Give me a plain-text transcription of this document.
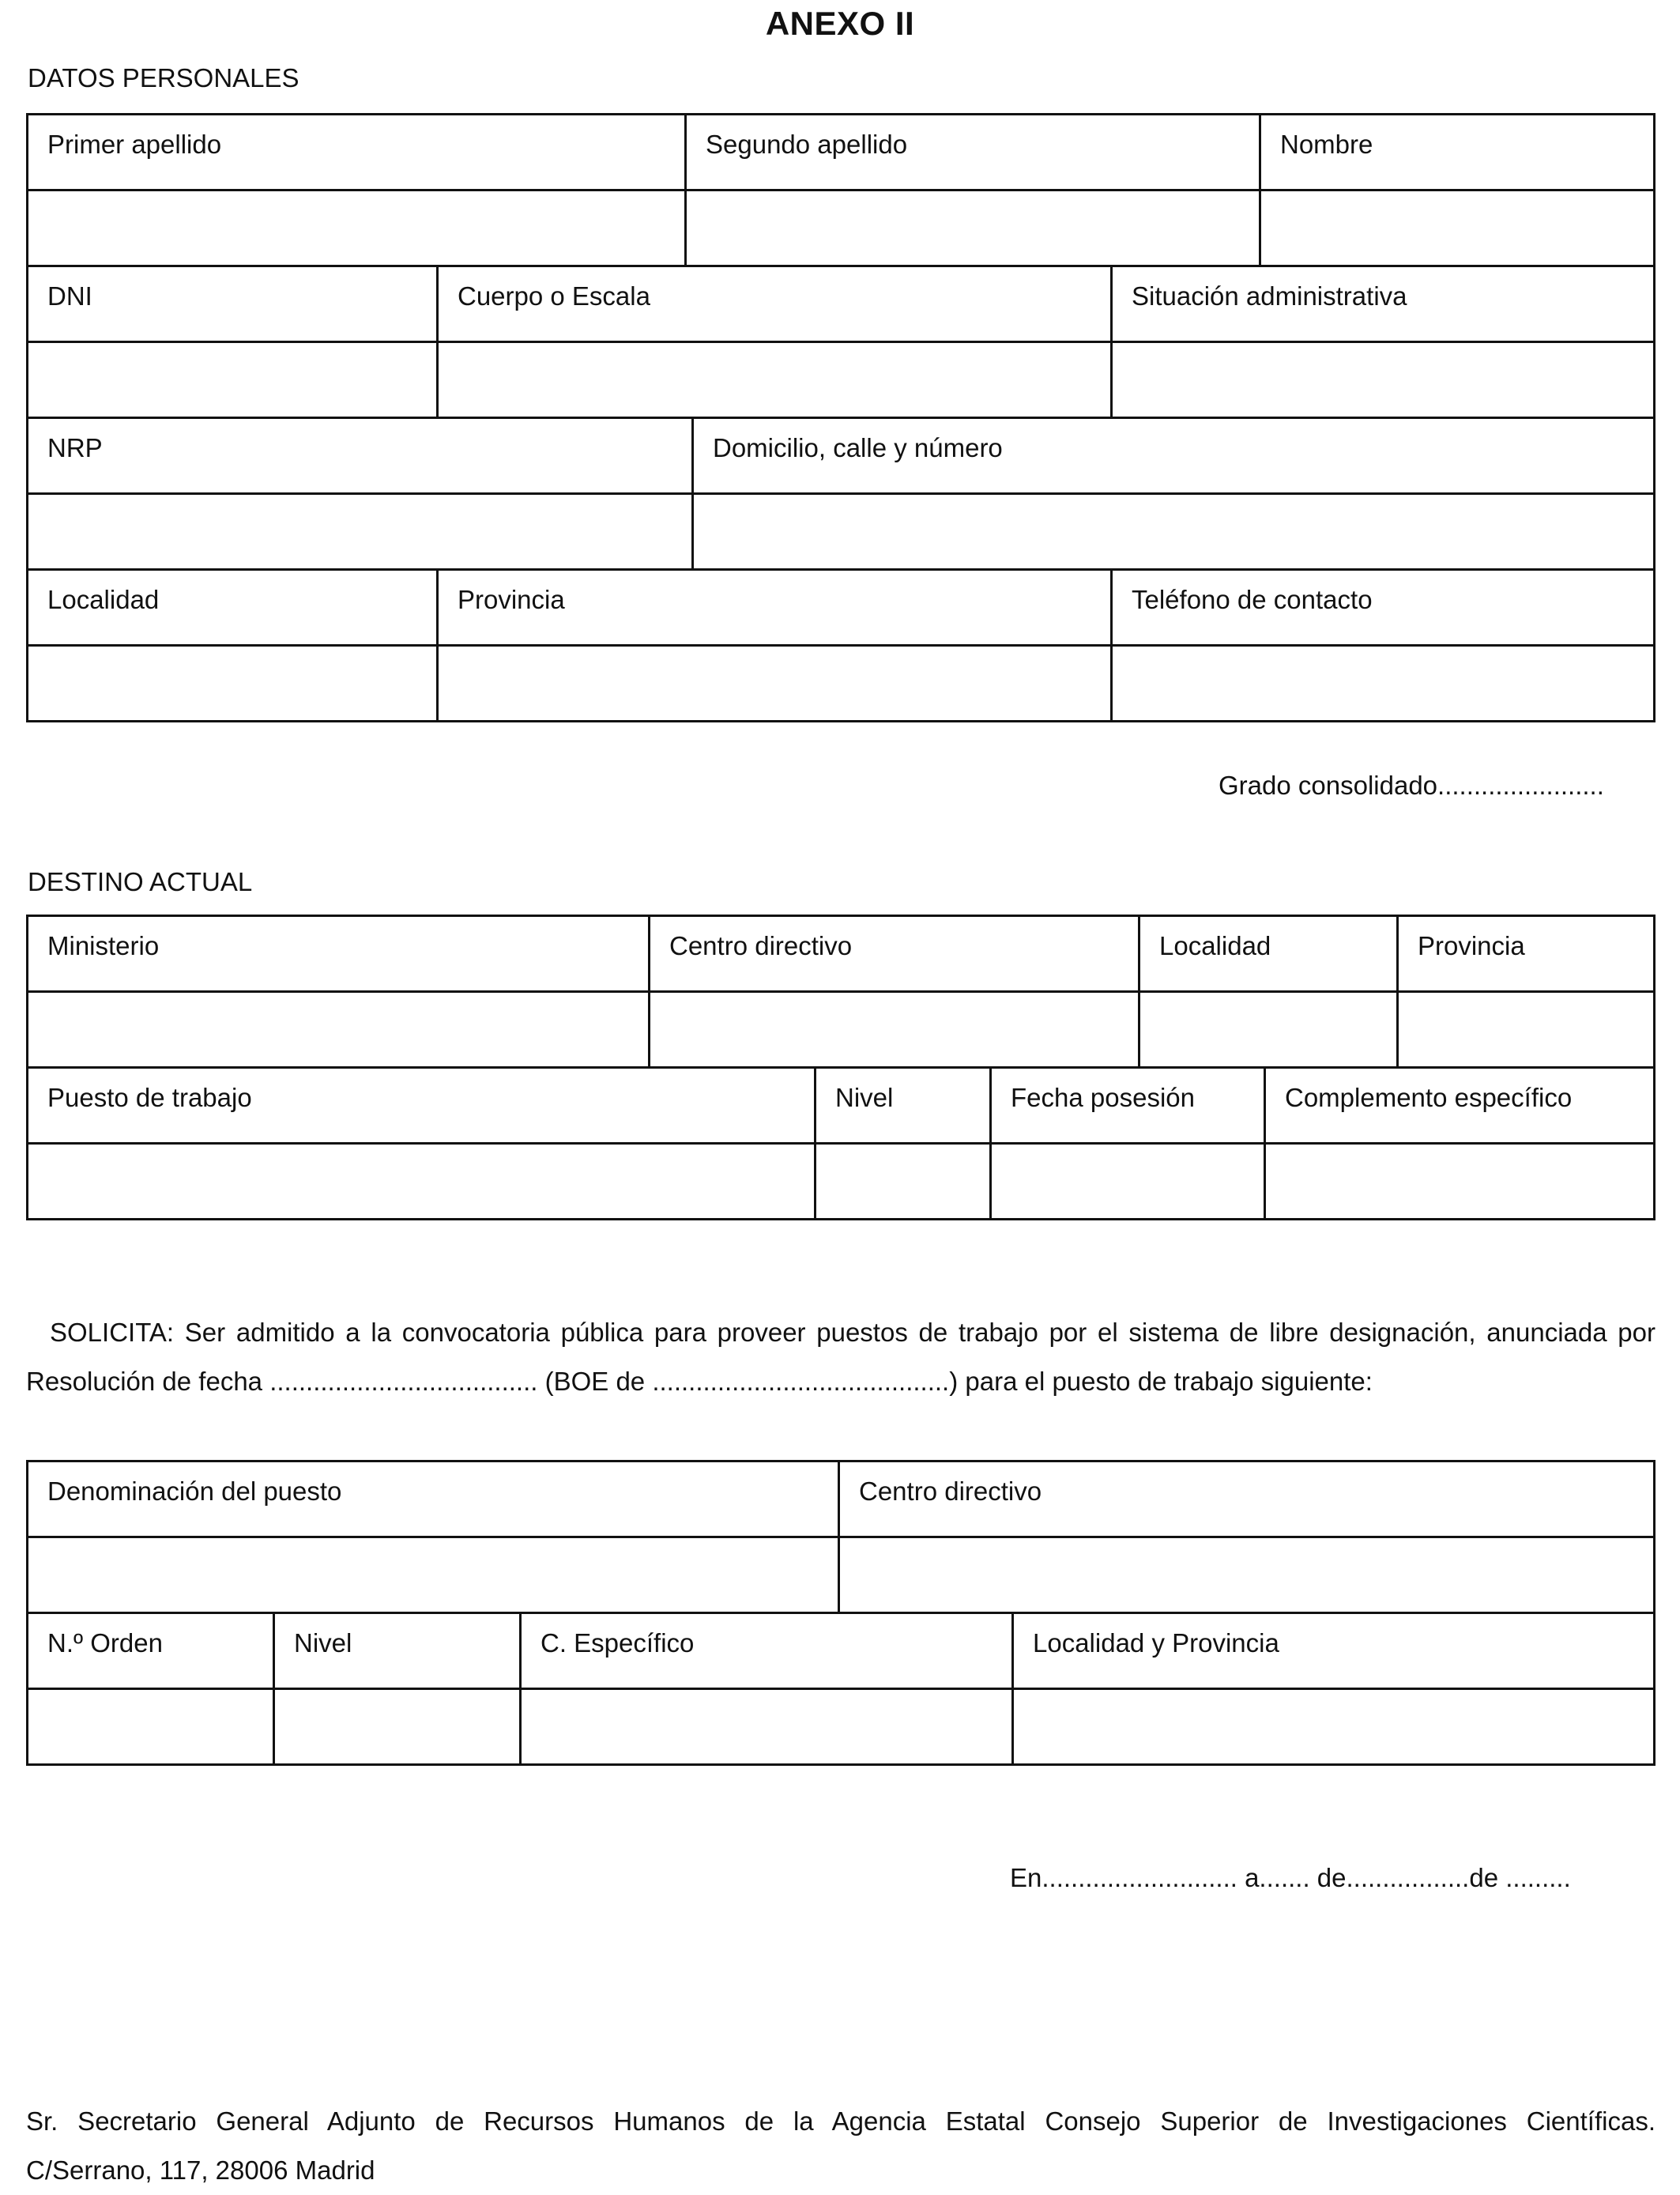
ANEXO II
DATOS PERSONALES
Primer apellido	Segundo apellido	Nombre
DNI	Cuerpo o Escala	Situación administrativa
NRP	Domicilio, calle y número
Localidad	Provincia	Teléfono de contacto
Grado consolidado.......................
DESTINO ACTUAL
Ministerio	Centro directivo	Localidad	Provincia
Puesto de trabajo	Nivel	Fecha posesión	Complemento específico
SOLICITA: Ser admitido a la convocatoria pública para proveer puestos de trabajo por el sistema de libre designación, anunciada por
Resolución de fecha ..................................... (BOE de .........................................) para el puesto de trabajo siguiente:
Denominación del puesto	Centro directivo
N.º Orden	Nivel	C. Específico	Localidad y Provincia
En........................... a....... de.................de .........
Sr. Secretario General Adjunto de Recursos Humanos de la Agencia Estatal Consejo Superior de Investigaciones Científicas.
C/Serrano, 117, 28006 Madrid
